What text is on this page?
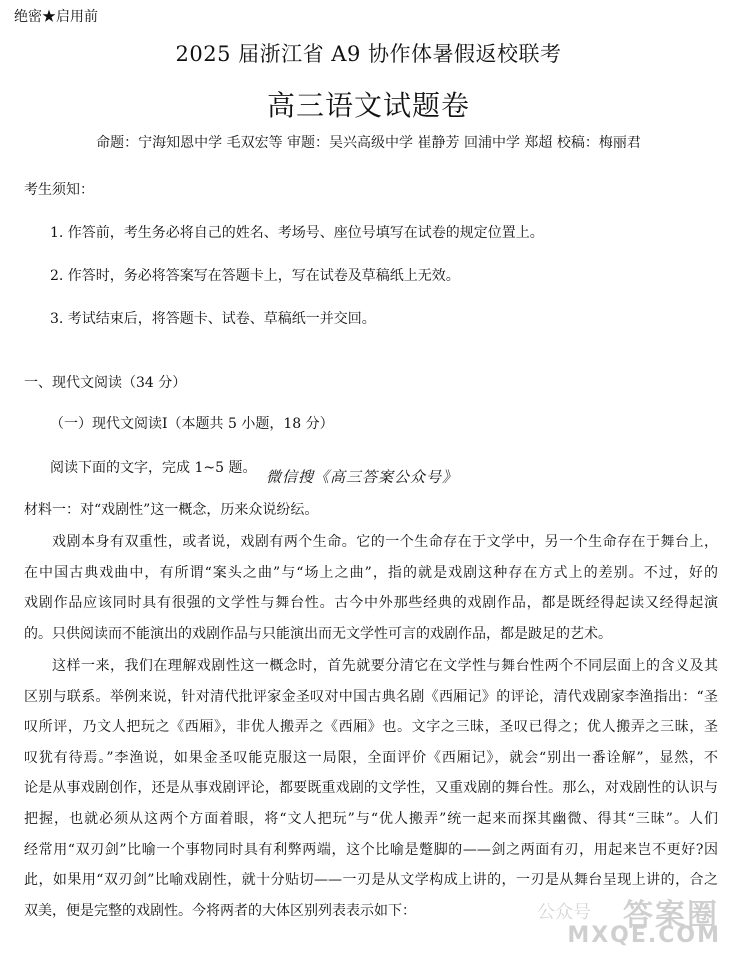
绝密★启用前
2025 届浙江省 A9 协作体暑假返校联考
高三语文试题卷
命题：宁海知恩中学 毛双宏等 审题：吴兴高级中学 崔静芳 回浦中学 郑超 校稿：梅丽君
考生须知：
1. 作答前，考生务必将自己的姓名、考场号、座位号填写在试卷的规定位置上。
2. 作答时，务必将答案写在答题卡上，写在试卷及草稿纸上无效。
3. 考试结束后，将答题卡、试卷、草稿纸一并交回。
一、现代文阅读（34 分）
（一）现代文阅读Ⅰ（本题共 5 小题，18 分）
阅读下面的文字，完成 1~5 题。 微信搜《高三答案公众号》
材料一：对“戏剧性”这一概念，历来众说纷纭。
戏剧本身有双重性，或者说，戏剧有两个生命。它的一个生命存在于文学中，另一个生命存在于舞台上，
在中国古典戏曲中，有所谓“案头之曲”与“场上之曲”，指的就是戏剧这种存在方式上的差别。不过，好的
戏剧作品应该同时具有很强的文学性与舞台性。古今中外那些经典的戏剧作品，都是既经得起读又经得起演
的。只供阅读而不能演出的戏剧作品与只能演出而无文学性可言的戏剧作品，都是跛足的艺术。
这样一来，我们在理解戏剧性这一概念时，首先就要分清它在文学性与舞台性两个不同层面上的含义及其
区别与联系。举例来说，针对清代批评家金圣叹对中国古典名剧《西厢记》的评论，清代戏剧家李渔指出：“圣
叹所评，乃文人把玩之《西厢》，非优人搬弄之《西厢》也。文字之三昧，圣叹已得之；优人搬弄之三昧，圣
叹犹有待焉。”李渔说，如果金圣叹能克服这一局限，全面评价《西厢记》，就会“别出一番诠解”，显然，不
论是从事戏剧创作，还是从事戏剧评论，都要既重戏剧的文学性，又重戏剧的舞台性。那么，对戏剧性的认识与
把握，也就必须从这两个方面着眼，将“文人把玩”与“优人搬弄”统一起来而探其幽微、得其“三昧”。人们
经常用“双刃剑”比喻一个事物同时具有利弊两端，这个比喻是蹩脚的——剑之两面有刃，用起来岂不更好?因
此，如果用“双刃剑”比喻戏剧性，就十分贴切——一刃是从文学构成上讲的，一刃是从舞台呈现上讲的，合之
双美，便是完整的戏剧性。今将两者的大体区别列表表示如下：	公众号 答案圈
MXQE.COM
